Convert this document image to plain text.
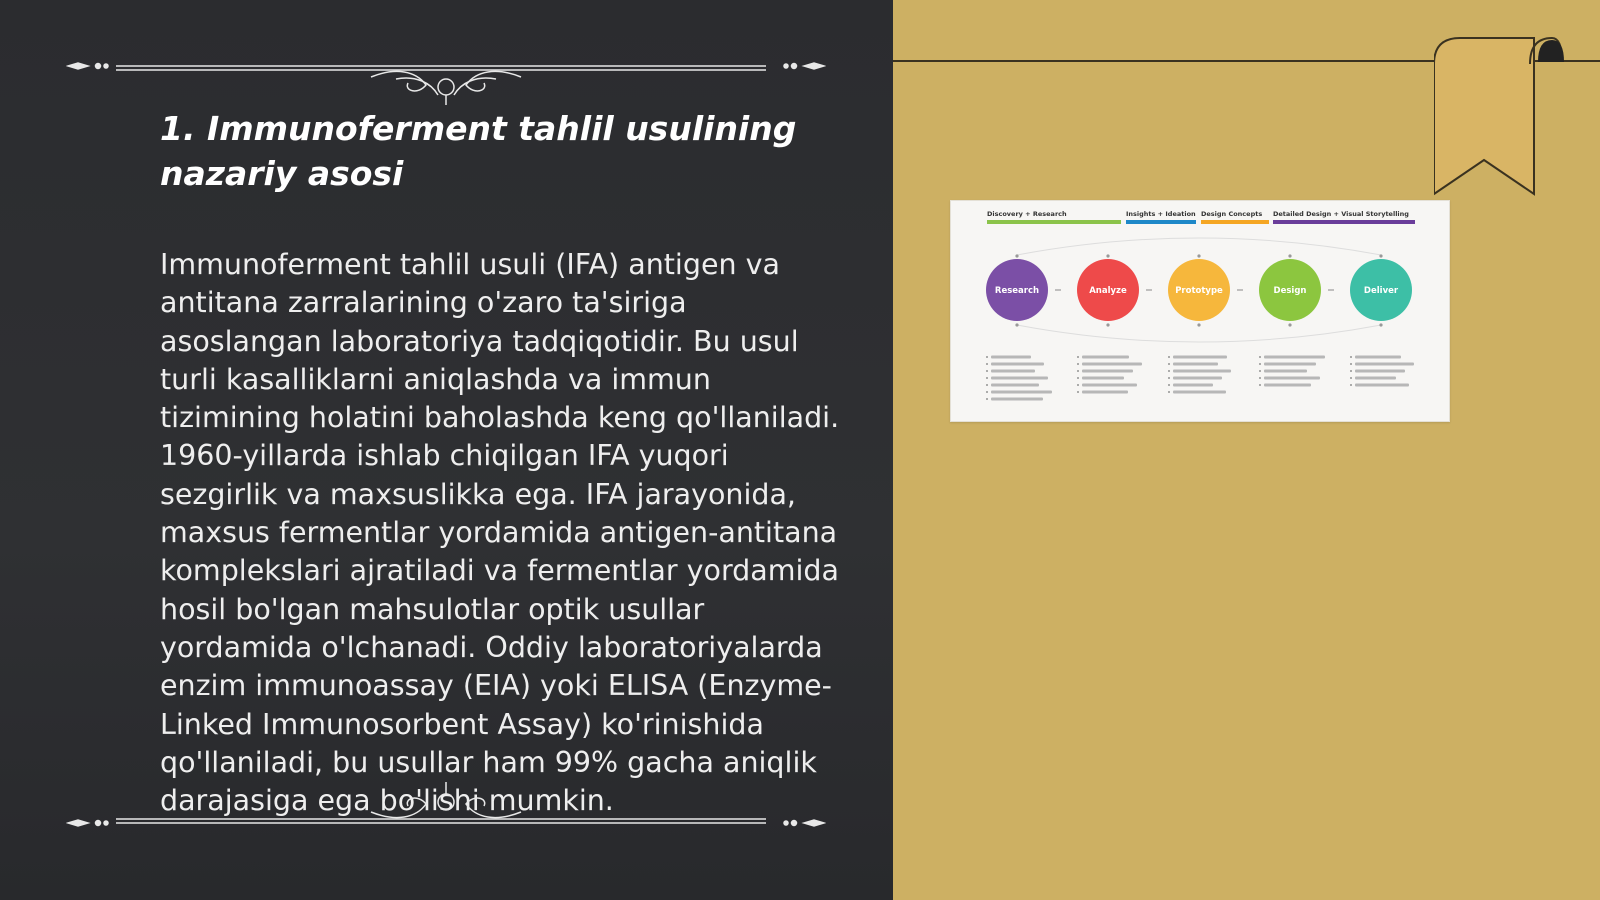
1. Immunoferment tahlil usulining
nazariy asosi
Immunoferment tahlil usuli (IFA) antigen va antitana zarralarining o'zaro ta'siriga asoslangan laboratoriya tadqiqotidir. Bu usul turli kasalliklarni aniqlashda va immun tizimining holatini baholashda keng qo'llaniladi. 1960-yillarda ishlab chiqilgan IFA yuqori sezgirlik va maxsuslikka ega. IFA jarayonida, maxsus fermentlar yordamida antigen-antitana komplekslari ajratiladi va fermentlar yordamida hosil bo'lgan mahsulotlar optik usullar yordamida o'lchanadi. Oddiy laboratoriyalarda enzim immunoassay (EIA) yoki ELISA (Enzyme-Linked Immunosorbent Assay) ko'rinishida qo'llaniladi, bu usullar ham 99% gacha aniqlik darajasiga ega bo'lishi mumkin.
Discovery + Research	Insights + Ideation Design Concepts Detailed Design + Visual Storytelling
Research	Analyze	Prototype	Design	Deliver
